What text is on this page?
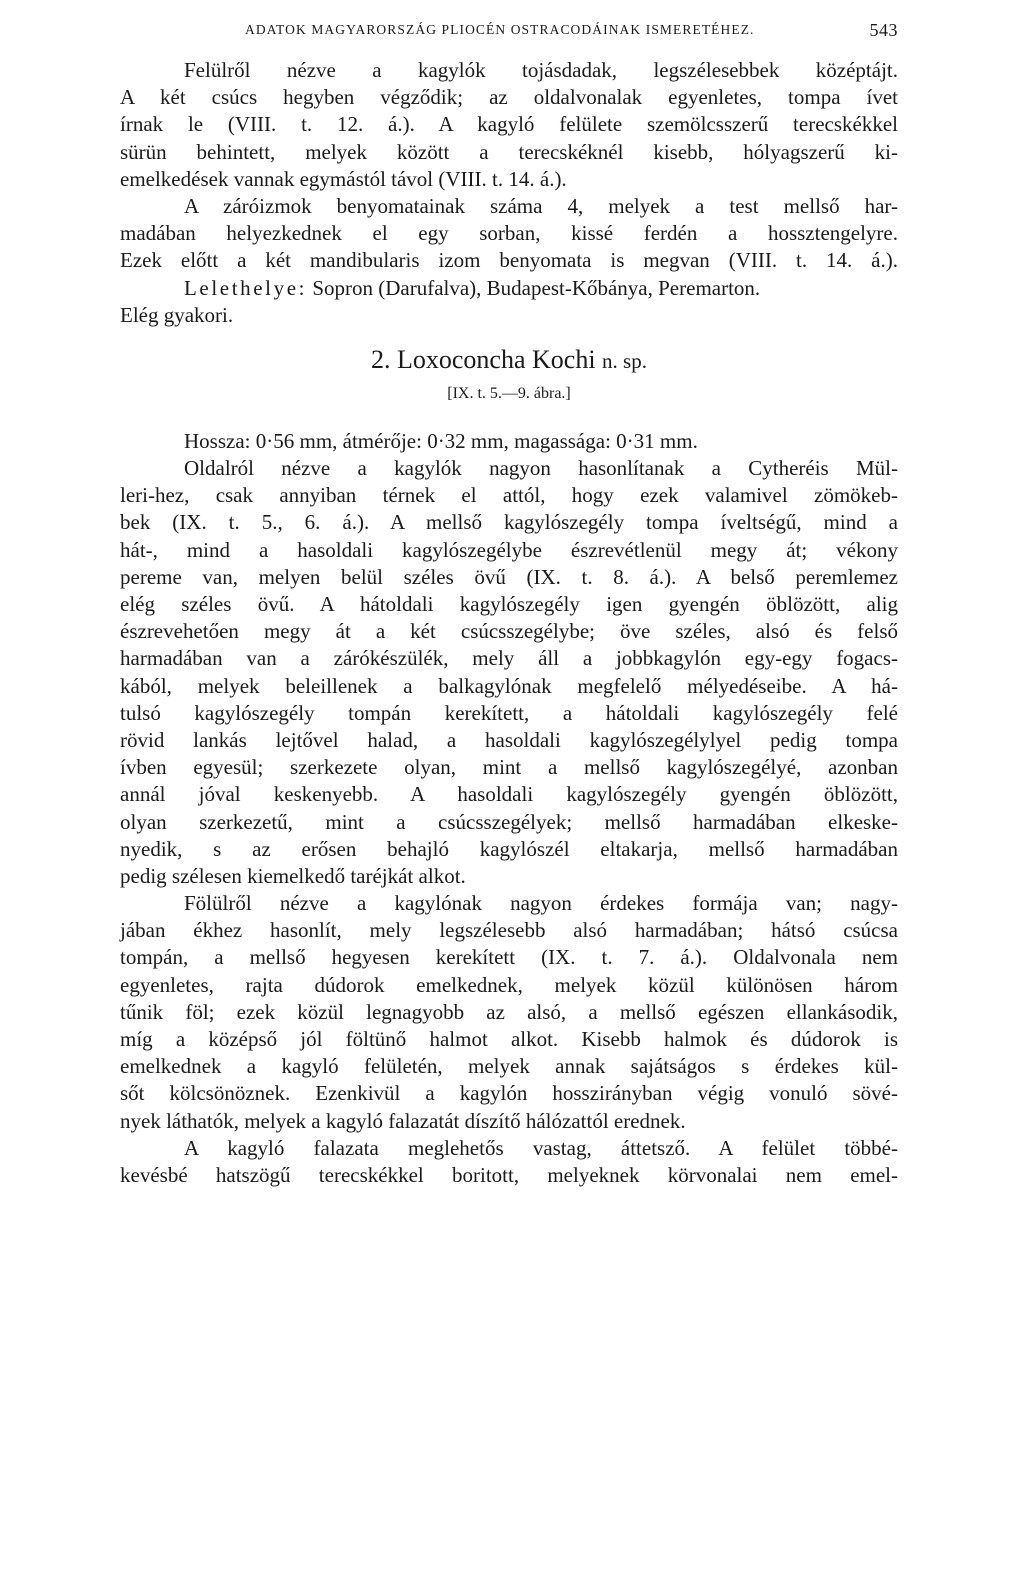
ADATOK MAGYARORSZÁG PLIOCÉN OSTRACODÁINAK ISMERETÉHEZ.	543
Felülről nézve a kagylók tojásdadak, legszélesebbek középtájt.
A két csúcs hegyben végződik; az oldalvonalak egyenletes, tompa ívet
írnak le (VIII. t. 12. á.). A kagyló felülete szemölcsszerű terecskékkel
sürün behintett, melyek között a terecskéknél kisebb, hólyagszerű ki-
emelkedések vannak egymástól távol (VIII. t. 14. á.).
A záróizmok benyomatainak száma 4, melyek a test mellső har-
madában helyezkednek el egy sorban, kissé ferdén a hossztengelyre.
Ezek előtt a két mandibularis izom benyomata is megvan (VIII. t. 14. á.).
Lelethelye: Sopron (Darufalva), Budapest-Kőbánya, Peremarton.
Elég gyakori.
2. Loxoconcha Kochi n. sp.
[IX. t. 5.—9. ábra.]
Hossza: 0·56 mm, átmérője: 0·32 mm, magassága: 0·31 mm.
Oldalról nézve a kagylók nagyon hasonlítanak a Cytheréis Mül-
leri-hez, csak annyiban térnek el attól, hogy ezek valamivel zömökeb-
bek (IX. t. 5., 6. á.). A mellső kagylószegély tompa íveltségű, mind a
hát-, mind a hasoldali kagylószegélybe észrevétlenül megy át; vékony
pereme van, melyen belül széles övű (IX. t. 8. á.). A belső peremlemez
elég széles övű. A hátoldali kagylószegély igen gyengén öblözött, alig
észrevehetően megy át a két csúcsszegélybe; öve széles, alsó és felső
harmadában van a zárókészülék, mely áll a jobbkagylón egy-egy fogacs-
kából, melyek beleillenek a balkagylónak megfelelő mélyedéseibe. A há-
tulsó kagylószegély tompán kerekített, a hátoldali kagylószegély felé
rövid lankás lejtővel halad, a hasoldali kagylószegélylyel pedig tompa
ívben egyesül; szerkezete olyan, mint a mellső kagylószegélyé, azonban
annál jóval keskenyebb. A hasoldali kagylószegély gyengén öblözött,
olyan szerkezetű, mint a csúcsszegélyek; mellső harmadában elkeske-
nyedik, s az erősen behajló kagylószél eltakarja, mellső harmadában
pedig szélesen kiemelkedő taréjkát alkot.
Fölülről nézve a kagylónak nagyon érdekes formája van; nagy-
jában ékhez hasonlít, mely legszélesebb alsó harmadában; hátsó csúcsa
tompán, a mellső hegyesen kerekített (IX. t. 7. á.). Oldalvonala nem
egyenletes, rajta dúdorok emelkednek, melyek közül különösen három
tűnik föl; ezek közül legnagyobb az alsó, a mellső egészen ellankásodik,
míg a középső jól föltünő halmot alkot. Kisebb halmok és dúdorok is
emelkednek a kagyló felületén, melyek annak sajátságos s érdekes kül-
sőt kölcsönöznek. Ezenkivül a kagylón hosszirányban végig vonuló sövé-
nyek láthatók, melyek a kagyló falazatát díszítő hálózattól erednek.
A kagyló falazata meglehetős vastag, áttetsző. A felület többé-
kevésbé hatszögű terecskékkel boritott, melyeknek körvonalai nem emel-
